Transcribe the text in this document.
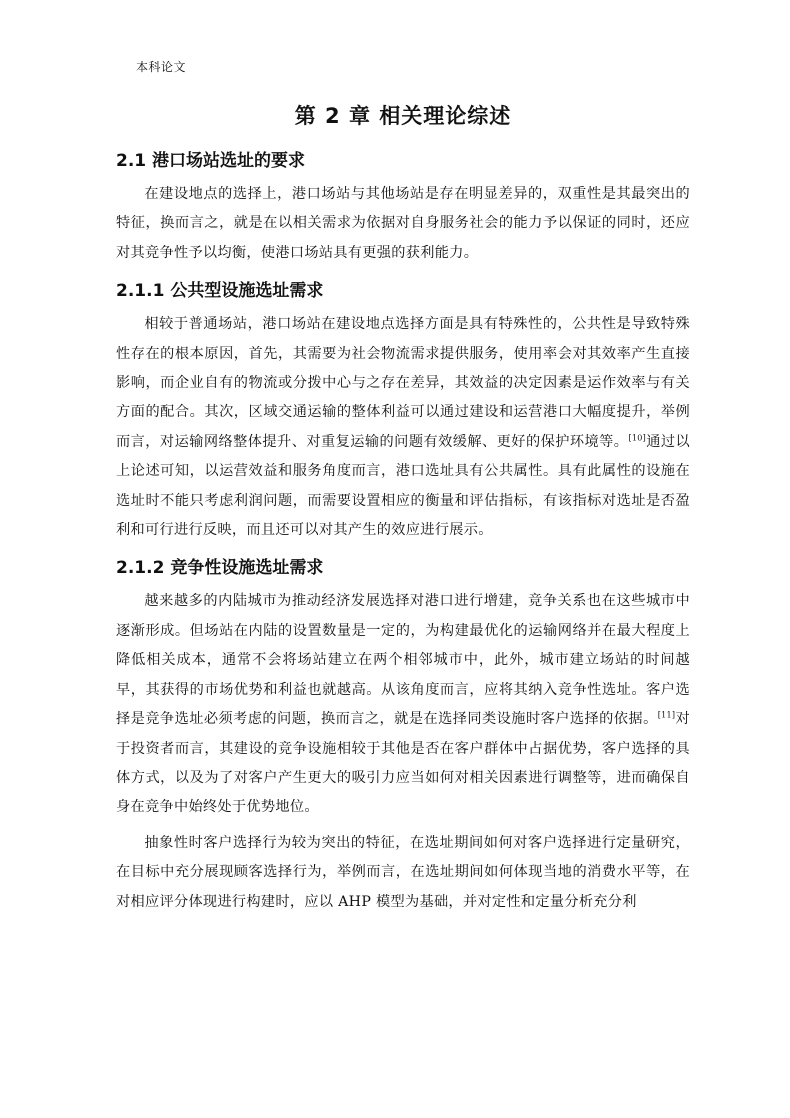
本科论文
第 2 章 相关理论综述
2.1 港口场站选址的要求

在建设地点的选择上，港口场站与其他场站是存在明显差异的，双重性是其最突出的特征，换而言之，就是在以相关需求为依据对自身服务社会的能力予以保证的同时，还应对其竞争性予以均衡，使港口场站具有更强的获利能力。

2.1.1 公共型设施选址需求

相较于普通场站，港口场站在建设地点选择方面是具有特殊性的，公共性是导致特殊性存在的根本原因，首先，其需要为社会物流需求提供服务，使用率会对其效率产生直接影响，而企业自有的物流或分拨中心与之存在差异，其效益的决定因素是运作效率与有关方面的配合。其次，区域交通运输的整体利益可以通过建设和运营港口大幅度提升，举例而言，对运输网络整体提升、对重复运输的问题有效缓解、更好的保护环境等。[10]通过以上论述可知，以运营效益和服务角度而言，港口选址具有公共属性。具有此属性的设施在选址时不能只考虑利润问题，而需要设置相应的衡量和评估指标，有该指标对选址是否盈利和可行进行反映，而且还可以对其产生的效应进行展示。

2.1.2 竞争性设施选址需求

越来越多的内陆城市为推动经济发展选择对港口进行增建，竞争关系也在这些城市中逐渐形成。但场站在内陆的设置数量是一定的，为构建最优化的运输网络并在最大程度上降低相关成本，通常不会将场站建立在两个相邻城市中，此外，城市建立场站的时间越早，其获得的市场优势和利益也就越高。从该角度而言，应将其纳入竞争性选址。客户选择是竞争选址必须考虑的问题，换而言之，就是在选择同类设施时客户选择的依据。[11]对于投资者而言，其建设的竞争设施相较于其他是否在客户群体中占据优势，客户选择的具体方式，以及为了对客户产生更大的吸引力应当如何对相关因素进行调整等，进而确保自身在竞争中始终处于优势地位。

抽象性时客户选择行为较为突出的特征，在选址期间如何对客户选择进行定量研究，在目标中充分展现顾客选择行为，举例而言，在选址期间如何体现当地的消费水平等，在对相应评分体现进行构建时，应以 AHP 模型为基础，并对定性和定量分析充分利
